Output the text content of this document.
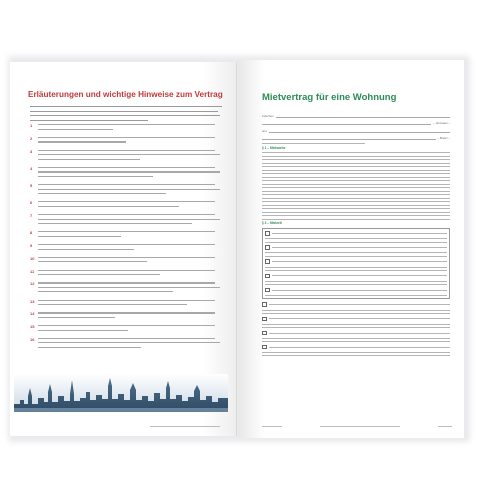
Erläuterungen und wichtige Hinweise zum Vertrag
1
2
3
4
5
6
7
8
9
10
11
12
13
14
15
16
Mietvertrag für eine Wohnung
zwischen
– Vermieter –
und
– Mieter –
§ 1 – Mietsache
§ 2 – Mietzeit
